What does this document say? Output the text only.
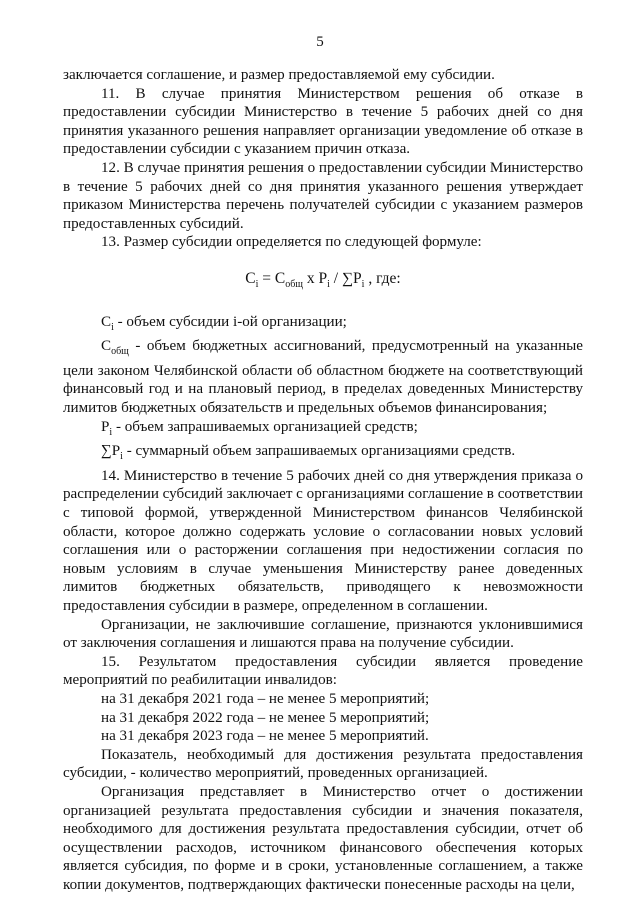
5

заключается соглашение, и размер предоставляемой ему субсидии.

11. В случае принятия Министерством решения об отказе в предоставлении субсидии Министерство в течение 5 рабочих дней со дня принятия указанного решения направляет организации уведомление об отказе в предоставлении субсидии с указанием причин отказа.

12. В случае принятия решения о предоставлении субсидии Министерство в течение 5 рабочих дней со дня принятия указанного решения утверждает приказом Министерства перечень получателей субсидии с указанием размеров предоставленных субсидий.

13. Размер субсидии определяется по следующей формуле:

$C_i = C_{общ}$ x $P_i / \sum P_i$ , где:

$C_i$ - объем субсидии i-ой организации;

$C_{общ}$ - объем бюджетных ассигнований, предусмотренный на указанные цели законом Челябинской области об областном бюджете на соответствующий финансовый год и на плановый период, в пределах доведенных Министерству лимитов бюджетных обязательств и предельных объемов финансирования;

$P_i$ - объем запрашиваемых организацией средств;

$\sum P_i$ - суммарный объем запрашиваемых организациями средств.

14. Министерство в течение 5 рабочих дней со дня утверждения приказа о распределении субсидий заключает с организациями соглашение в соответствии с типовой формой, утвержденной Министерством финансов Челябинской области, которое должно содержать условие о согласовании новых условий соглашения или о расторжении соглашения при недостижении согласия по новым условиям в случае уменьшения Министерству ранее доведенных лимитов бюджетных обязательств, приводящего к невозможности предоставления субсидии в размере, определенном в соглашении.

Организации, не заключившие соглашение, признаются уклонившимися от заключения соглашения и лишаются права на получение субсидии.

15. Результатом предоставления субсидии является проведение мероприятий по реабилитации инвалидов:

на 31 декабря 2021 года – не менее 5 мероприятий;

на 31 декабря 2022 года – не менее 5 мероприятий;

на 31 декабря 2023 года – не менее 5 мероприятий.

Показатель, необходимый для достижения результата предоставления субсидии, - количество мероприятий, проведенных организацией.

Организация представляет в Министерство отчет о достижении организацией результата предоставления субсидии и значения показателя, необходимого для достижения результата предоставления субсидии, отчет об осуществлении расходов, источником финансового обеспечения которых является субсидия, по форме и в сроки, установленные соглашением, а также копии документов, подтверждающих фактически понесенные расходы на цели,
